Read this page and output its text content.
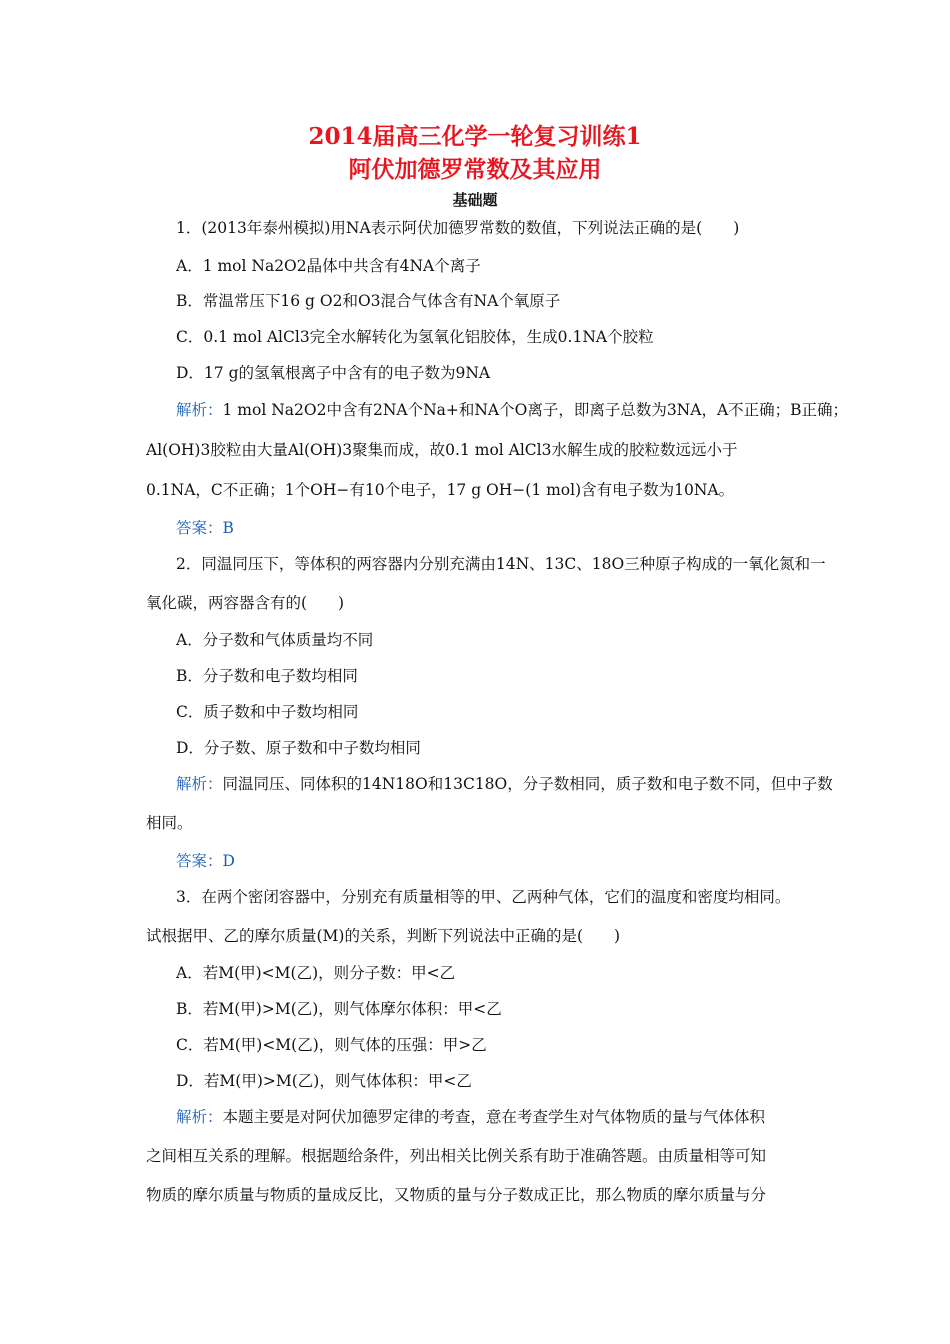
2014届高三化学一轮复习训练1
阿伏加德罗常数及其应用
基础题
1．(2013年泰州模拟)用NA表示阿伏加德罗常数的数值，下列说法正确的是(　　)
A．1 mol Na2O2晶体中共含有4NA个离子
B．常温常压下16 g O2和O3混合气体含有NA个氧原子
C．0.1 mol AlCl3完全水解转化为氢氧化铝胶体，生成0.1NA个胶粒
D．17 g的氢氧根离子中含有的电子数为9NA
解析：1 mol Na2O2中含有2NA个Na+和NA个O离子，即离子总数为3NA，A不正确；B正确；
Al(OH)3胶粒由大量Al(OH)3聚集而成，故0.1 mol AlCl3水解生成的胶粒数远远小于
0.1NA，C不正确；1个OH−有10个电子，17 g OH−(1 mol)含有电子数为10NA。
答案：B
2．同温同压下，等体积的两容器内分别充满由14N、13C、18O三种原子构成的一氧化氮和一
氧化碳，两容器含有的(　　)
A．分子数和气体质量均不同
B．分子数和电子数均相同
C．质子数和中子数均相同
D．分子数、原子数和中子数均相同
解析：同温同压、同体积的14N18O和13C18O，分子数相同，质子数和电子数不同，但中子数
相同。
答案：D
3．在两个密闭容器中，分别充有质量相等的甲、乙两种气体，它们的温度和密度均相同。
试根据甲、乙的摩尔质量(M)的关系，判断下列说法中正确的是(　　)
A．若M(甲)<M(乙)，则分子数：甲<乙
B．若M(甲)>M(乙)，则气体摩尔体积：甲<乙
C．若M(甲)<M(乙)，则气体的压强：甲>乙
D．若M(甲)>M(乙)，则气体体积：甲<乙
解析：本题主要是对阿伏加德罗定律的考查，意在考查学生对气体物质的量与气体体积
之间相互关系的理解。根据题给条件，列出相关比例关系有助于准确答题。由质量相等可知
物质的摩尔质量与物质的量成反比，又物质的量与分子数成正比，那么物质的摩尔质量与分
